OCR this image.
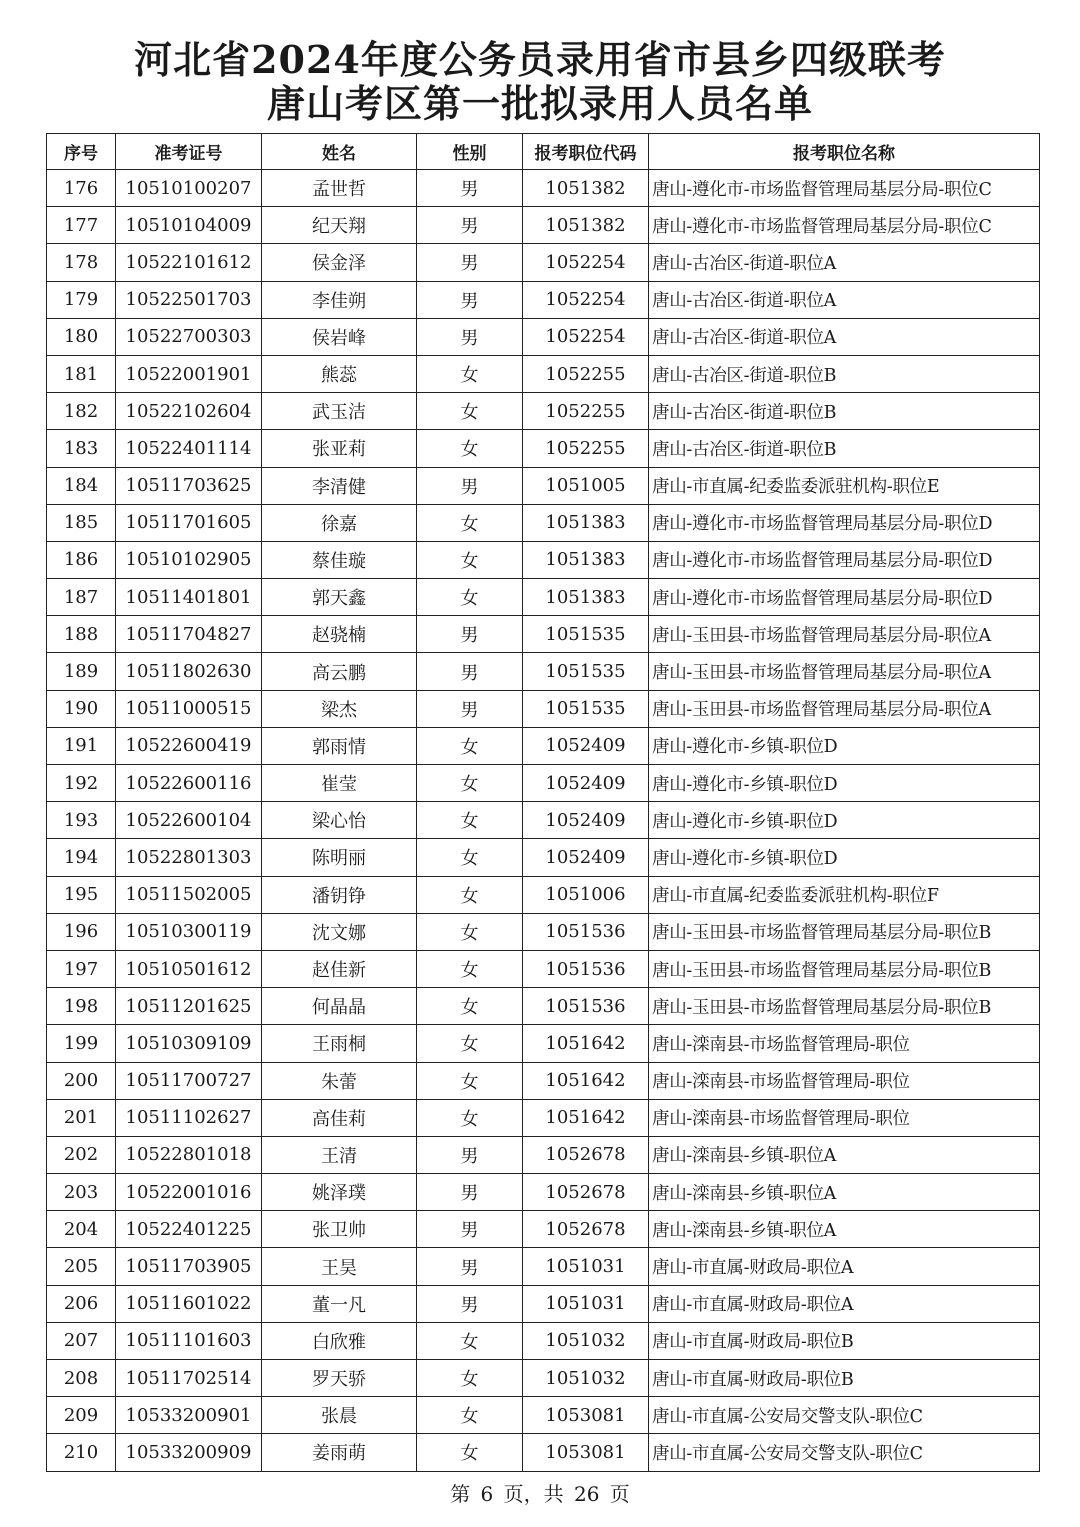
河北省2024年度公务员录用省市县乡四级联考
唐山考区第一批拟录用人员名单
序号	准考证号	姓名	性别	报考职位代码	报考职位名称
176	10510100207	孟世哲	男	1051382	唐山-遵化市-市场监督管理局基层分局-职位C
177	10510104009	纪天翔	男	1051382	唐山-遵化市-市场监督管理局基层分局-职位C
178	10522101612	侯金泽	男	1052254	唐山-古冶区-街道-职位A
179	10522501703	李佳朔	男	1052254	唐山-古冶区-街道-职位A
180	10522700303	侯岩峰	男	1052254	唐山-古冶区-街道-职位A
181	10522001901	熊蕊	女	1052255	唐山-古冶区-街道-职位B
182	10522102604	武玉洁	女	1052255	唐山-古冶区-街道-职位B
183	10522401114	张亚莉	女	1052255	唐山-古冶区-街道-职位B
184	10511703625	李清健	男	1051005	唐山-市直属-纪委监委派驻机构-职位E
185	10511701605	徐嘉	女	1051383	唐山-遵化市-市场监督管理局基层分局-职位D
186	10510102905	蔡佳璇	女	1051383	唐山-遵化市-市场监督管理局基层分局-职位D
187	10511401801	郭天鑫	女	1051383	唐山-遵化市-市场监督管理局基层分局-职位D
188	10511704827	赵骁楠	男	1051535	唐山-玉田县-市场监督管理局基层分局-职位A
189	10511802630	高云鹏	男	1051535	唐山-玉田县-市场监督管理局基层分局-职位A
190	10511000515	梁杰	男	1051535	唐山-玉田县-市场监督管理局基层分局-职位A
191	10522600419	郭雨情	女	1052409	唐山-遵化市-乡镇-职位D
192	10522600116	崔莹	女	1052409	唐山-遵化市-乡镇-职位D
193	10522600104	梁心怡	女	1052409	唐山-遵化市-乡镇-职位D
194	10522801303	陈明丽	女	1052409	唐山-遵化市-乡镇-职位D
195	10511502005	潘钥铮	女	1051006	唐山-市直属-纪委监委派驻机构-职位F
196	10510300119	沈文娜	女	1051536	唐山-玉田县-市场监督管理局基层分局-职位B
197	10510501612	赵佳新	女	1051536	唐山-玉田县-市场监督管理局基层分局-职位B
198	10511201625	何晶晶	女	1051536	唐山-玉田县-市场监督管理局基层分局-职位B
199	10510309109	王雨桐	女	1051642	唐山-滦南县-市场监督管理局-职位
200	10511700727	朱蕾	女	1051642	唐山-滦南县-市场监督管理局-职位
201	10511102627	高佳莉	女	1051642	唐山-滦南县-市场监督管理局-职位
202	10522801018	王清	男	1052678	唐山-滦南县-乡镇-职位A
203	10522001016	姚泽璞	男	1052678	唐山-滦南县-乡镇-职位A
204	10522401225	张卫帅	男	1052678	唐山-滦南县-乡镇-职位A
205	10511703905	王昊	男	1051031	唐山-市直属-财政局-职位A
206	10511601022	董一凡	男	1051031	唐山-市直属-财政局-职位A
207	10511101603	白欣雅	女	1051032	唐山-市直属-财政局-职位B
208	10511702514	罗天骄	女	1051032	唐山-市直属-财政局-职位B
209	10533200901	张晨	女	1053081	唐山-市直属-公安局交警支队-职位C
210	10533200909	姜雨萌	女	1053081	唐山-市直属-公安局交警支队-职位C
第 6 页，共 26 页
